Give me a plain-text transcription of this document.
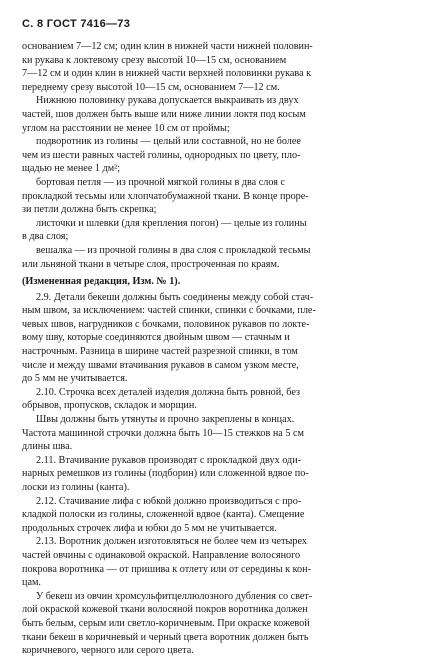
С. 8 ГОСТ 7416—73
основанием 7—12 см; один клин в нижней части нижней половин-
ки рукава к локтевому срезу высотой 10—15 см, основанием
7—12 см и один клин в нижней части верхней половинки рукава к
переднему срезу высотой 10—15 см, основанием 7—12 см.
Нижнюю половинку рукава допускается выкраивать из двух
частей, шов должен быть выше или ниже линии локтя под косым
углом на расстоянии не менее 10 см от проймы;
подворотник из голины — целый или составной, но не более
чем из шести равных частей голины, однородных по цвету, пло-
щадью не менее 1 дм²;
бортовая петля — из прочной мягкой голины в два слоя с
прокладкой тесьмы или хлопчатобумажной ткани. В конце проре-
зи петли должна быть скрепка;
листочки и шлевки (для крепления погон) — целые из голины
в два слоя;
вешалка — из прочной голины в два слоя с прокладкой тесьмы
или льняной ткани в четыре слоя, простроченная по краям.
(Измененная редакция, Изм. № 1).
2.9. Детали бекеши должны быть соединены между собой стач-
ным швом, за исключением: частей спинки, спинки с бочками, пле-
чевых швов, нагрудников с бочками, половинок рукавов по локте-
вому шву, которые соединяются двойным швом — стачным и
настрочным. Разница в ширине частей разрезной спинки, в том
числе и между швами втачивания рукавов в самом узком месте,
до 5 мм не учитывается.
2.10. Строчка всех деталей изделия должна быть ровной, без
обрывов, пропусков, складок и морщин.
Швы должны быть утянуты и прочно закреплены в концах.
Частота машинной строчки должна быть 10—15 стежков на 5 см
длины шва.
2.11. Втачивание рукавов производят с прокладкой двух оди-
нарных ремешков из голины (подборин) или сложенной вдвое по-
лоски из голины (канта).
2.12. Стачивание лифа с юбкой должно производиться с про-
кладкой полоски из голины, сложенной вдвое (канта). Смещение
продольных строчек лифа и юбки до 5 мм не учитывается.
2.13. Воротник должен изготовляться не более чем из четырех
частей овчины с одинаковой окраской. Направление волосяного
покрова воротника — от пришива к отлету или от середины к кон-
цам.
У бекеш из овчин хромсульфитцеллюлозного дубления со свет-
лой окраской кожевой ткани волосяной покров воротника должен
быть белым, серым или светло-коричневым. При окраске кожевой
ткани бекеш в коричневый и черный цвета воротник должен быть
коричневого, черного или серого цвета.
